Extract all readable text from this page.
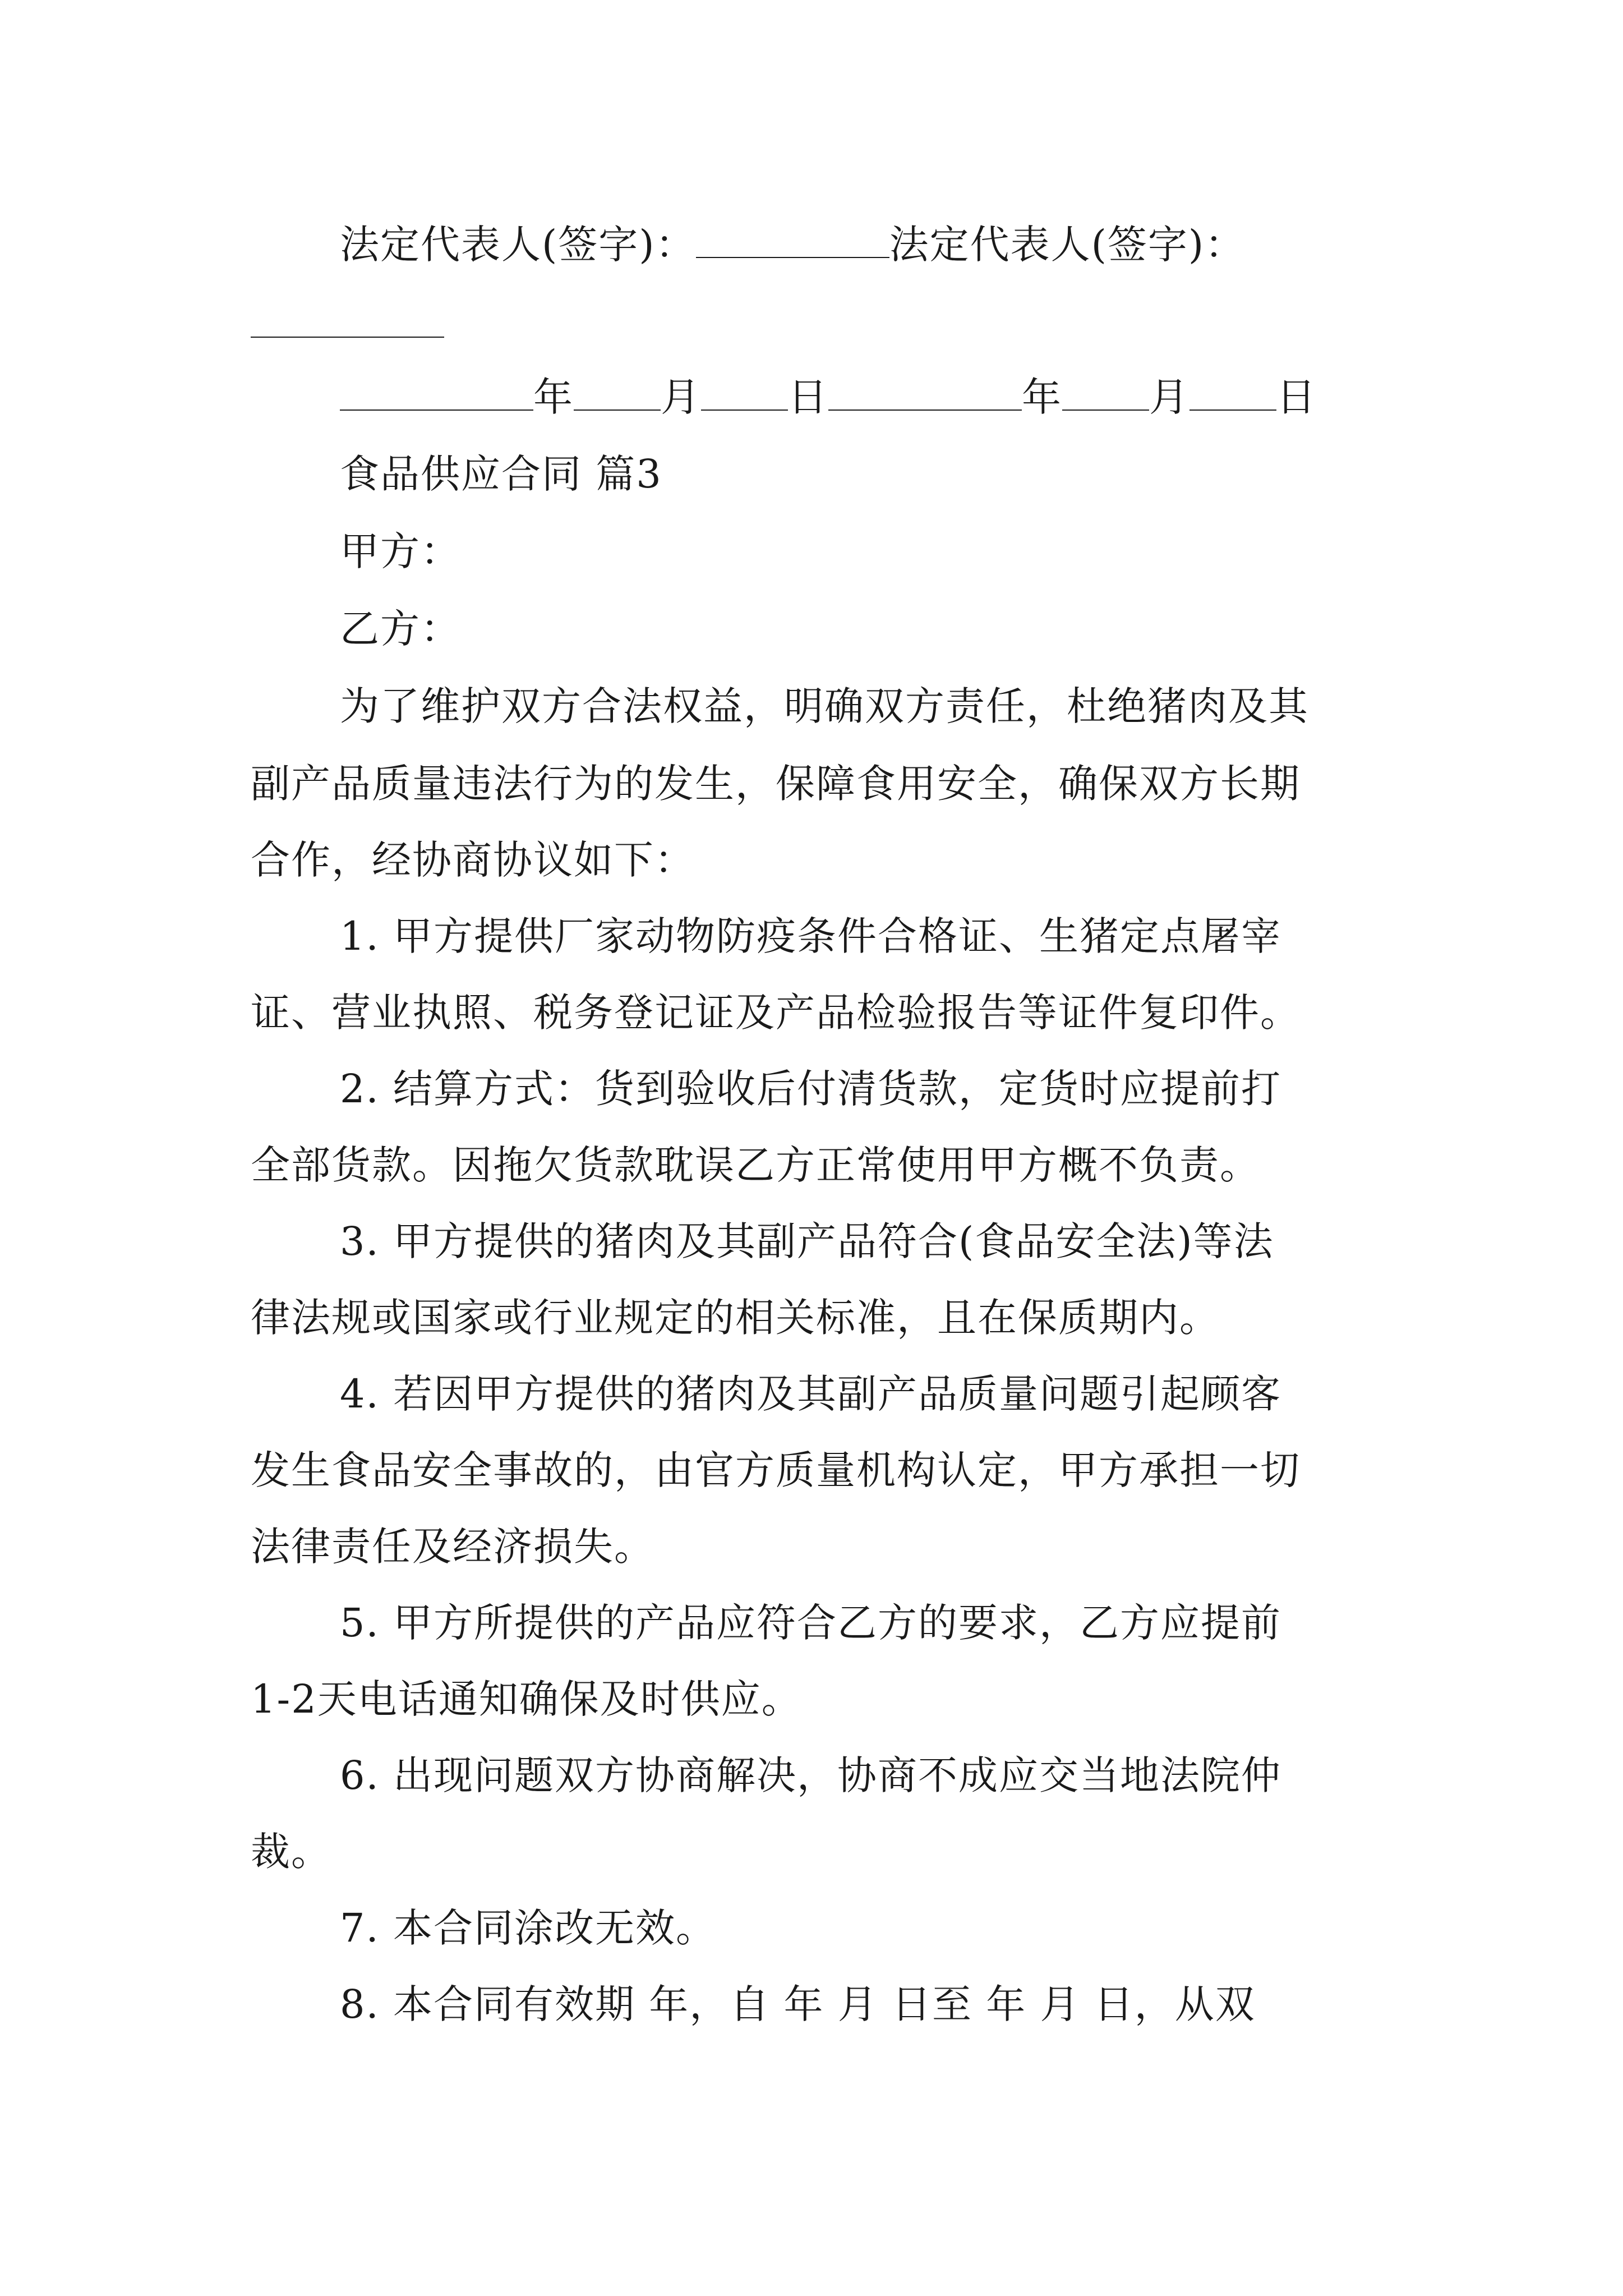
法定代表人(签字)：	法定代表人(签字)：
年 月 日	年 月 日
食品供应合同 篇3
甲方：
乙方：
为了维护双方合法权益，明确双方责任，杜绝猪肉及其
副产品质量违法行为的发生，保障食用安全，确保双方长期
合作，经协商协议如下：
1. 甲方提供厂家动物防疫条件合格证、生猪定点屠宰
证、营业执照、税务登记证及产品检验报告等证件复印件。
2. 结算方式：货到验收后付清货款，定货时应提前打
全部货款。因拖欠货款耽误乙方正常使用甲方概不负责。
3. 甲方提供的猪肉及其副产品符合(食品安全法)等法
律法规或国家或行业规定的相关标准，且在保质期内。
4. 若因甲方提供的猪肉及其副产品质量问题引起顾客
发生食品安全事故的，由官方质量机构认定，甲方承担一切
法律责任及经济损失。
5. 甲方所提供的产品应符合乙方的要求，乙方应提前
1-2天电话通知确保及时供应。
6. 出现问题双方协商解决，协商不成应交当地法院仲
裁。
7. 本合同涂改无效。
8. 本合同有效期 年，自 年 月 日至 年 月 日，从双
